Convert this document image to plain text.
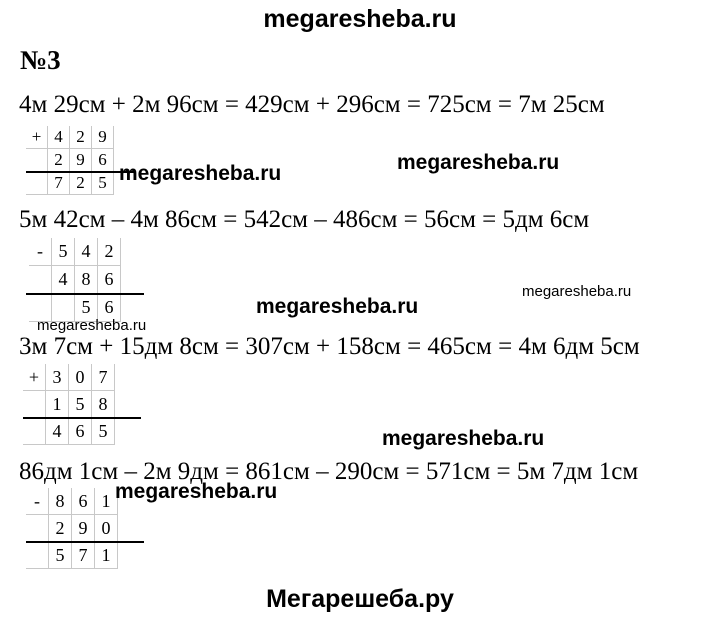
megaresheba.ru
№3
4м 29см + 2м 96см = 429см + 296см = 725см = 7м 25см
+ 4 2 9
2 9 6
7 2 5
5м 42см – 4м 86см = 542см – 486см = 56см = 5дм 6см
- 5 4 2
4 8 6
5 6
3м 7см + 15дм 8см = 307см + 158см = 465см = 4м 6дм 5см
+ 3 0 7
1 5 8
4 6 5
86дм 1см – 2м 9дм = 861см – 290см = 571см = 5м 7дм 1см
- 8 6 1
2 9 0
5 7 1
megaresheba.ru	megaresheba.ru
megaresheba.ru
megaresheba.ru
megaresheba.ru
megaresheba.ru
megaresheba.ru
Мегарешеба.ру
